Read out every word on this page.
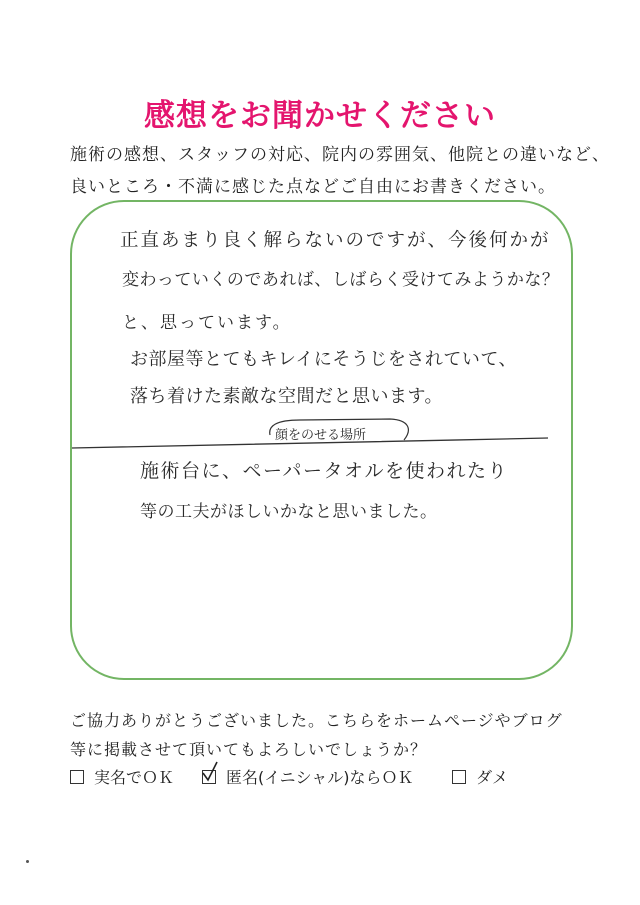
感想をお聞かせください
施術の感想、スタッフの対応、院内の雰囲気、他院との違いなど、
良いところ・不満に感じた点などご自由にお書きください。
正直あまり良く解らないのですが、今後何かが
変わっていくのであれば、しばらく受けてみようかな？
と、思っています。
お部屋等とてもキレイにそうじをされていて、
落ち着けた素敵な空間だと思います。
顔をのせる場所
施術台に、ペーパータオルを使われたり
等の工夫がほしいかなと思いました。
ご協力ありがとうございました。こちらをホームページやブログ
等に掲載させて頂いてもよろしいでしょうか？
実名でＯＫ	匿名(イニシャル)ならＯＫ	ダメ
